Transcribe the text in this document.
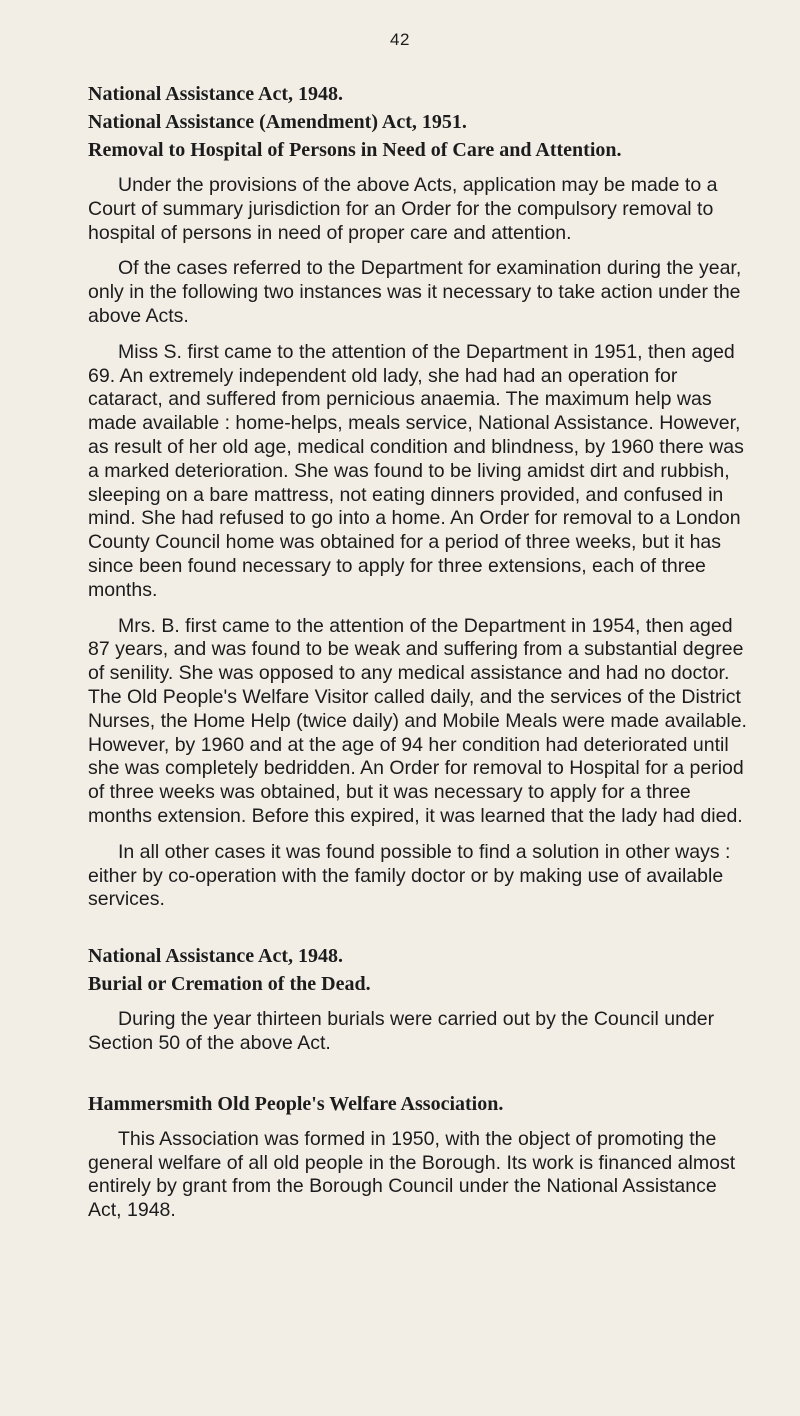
42

National Assistance Act, 1948.

National Assistance (Amendment) Act, 1951.

Removal to Hospital of Persons in Need of Care and Attention.

Under the provisions of the above Acts, application may be made to a Court of summary jurisdiction for an Order for the compulsory removal to hospital of persons in need of proper care and attention.

Of the cases referred to the Department for examination during the year, only in the following two instances was it necessary to take action under the above Acts.

Miss S. first came to the attention of the Department in 1951, then aged 69. An extremely independent old lady, she had had an operation for cataract, and suffered from pernicious anaemia. The maximum help was made available : home-helps, meals service, National Assistance. However, as result of her old age, medical condition and blindness, by 1960 there was a marked deterioration. She was found to be living amidst dirt and rubbish, sleeping on a bare mattress, not eating dinners provided, and confused in mind. She had refused to go into a home. An Order for removal to a London County Council home was obtained for a period of three weeks, but it has since been found necessary to apply for three extensions, each of three months.

Mrs. B. first came to the attention of the Department in 1954, then aged 87 years, and was found to be weak and suffering from a substantial degree of senility. She was opposed to any medical assistance and had no doctor. The Old People's Welfare Visitor called daily, and the services of the District Nurses, the Home Help (twice daily) and Mobile Meals were made available. However, by 1960 and at the age of 94 her condition had deteriorated until she was completely bedridden. An Order for removal to Hospital for a period of three weeks was obtained, but it was necessary to apply for a three months extension. Before this expired, it was learned that the lady had died.

In all other cases it was found possible to find a solution in other ways : either by co-operation with the family doctor or by making use of available services.

National Assistance Act, 1948.

Burial or Cremation of the Dead.

During the year thirteen burials were carried out by the Council under Section 50 of the above Act.

Hammersmith Old People's Welfare Association.

This Association was formed in 1950, with the object of promoting the general welfare of all old people in the Borough. Its work is financed almost entirely by grant from the Borough Council under the National Assistance Act, 1948.
